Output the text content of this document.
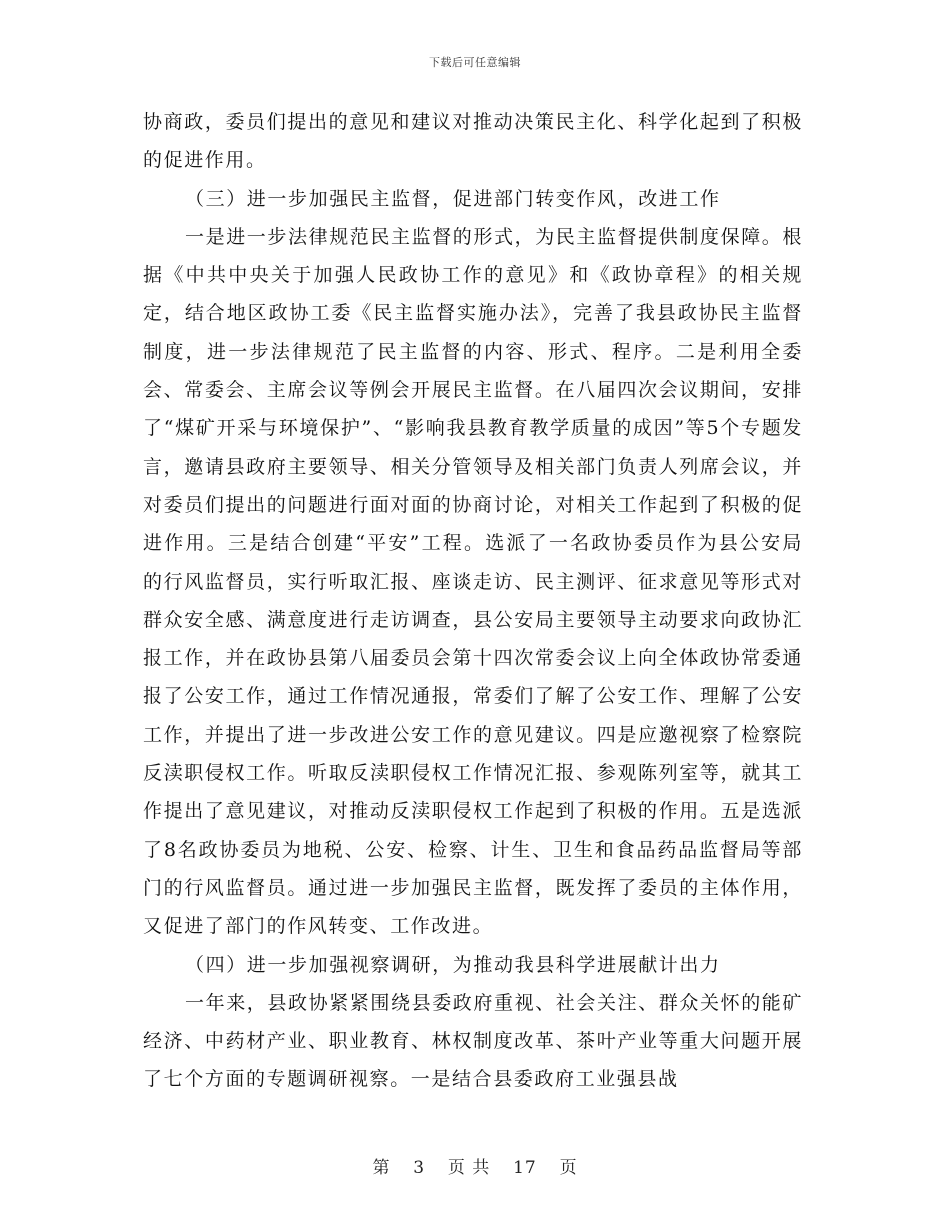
下载后可任意编辑

协商政，委员们提出的意见和建议对推动决策民主化、科学化起到了积极的促进作用。

（三）进一步加强民主监督，促进部门转变作风，改进工作

一是进一步法律规范民主监督的形式，为民主监督提供制度保障。根据《中共中央关于加强人民政协工作的意见》和《政协章程》的相关规定，结合地区政协工委《民主监督实施办法》，完善了我县政协民主监督制度，进一步法律规范了民主监督的内容、形式、程序。二是利用全委会、常委会、主席会议等例会开展民主监督。在八届四次会议期间，安排了“煤矿开采与环境保护”、“影响我县教育教学质量的成因”等5个专题发言，邀请县政府主要领导、相关分管领导及相关部门负责人列席会议，并对委员们提出的问题进行面对面的协商讨论，对相关工作起到了积极的促进作用。三是结合创建“平安”工程。选派了一名政协委员作为县公安局的行风监督员，实行听取汇报、座谈走访、民主测评、征求意见等形式对群众安全感、满意度进行走访调查，县公安局主要领导主动要求向政协汇报工作，并在政协县第八届委员会第十四次常委会议上向全体政协常委通报了公安工作，通过工作情况通报，常委们了解了公安工作、理解了公安工作，并提出了进一步改进公安工作的意见建议。四是应邀视察了检察院反渎职侵权工作。听取反渎职侵权工作情况汇报、参观陈列室等，就其工作提出了意见建议，对推动反渎职侵权工作起到了积极的作用。五是选派了8名政协委员为地税、公安、检察、计生、卫生和食品药品监督局等部门的行风监督员。通过进一步加强民主监督，既发挥了委员的主体作用，又促进了部门的作风转变、工作改进。

（四）进一步加强视察调研，为推动我县科学进展献计出力

一年来，县政协紧紧围绕县委政府重视、社会关注、群众关怀的能矿经济、中药材产业、职业教育、林权制度改革、茶叶产业等重大问题开展了七个方面的专题调研视察。一是结合县委政府工业强县战

第 3 页 共 17 页
